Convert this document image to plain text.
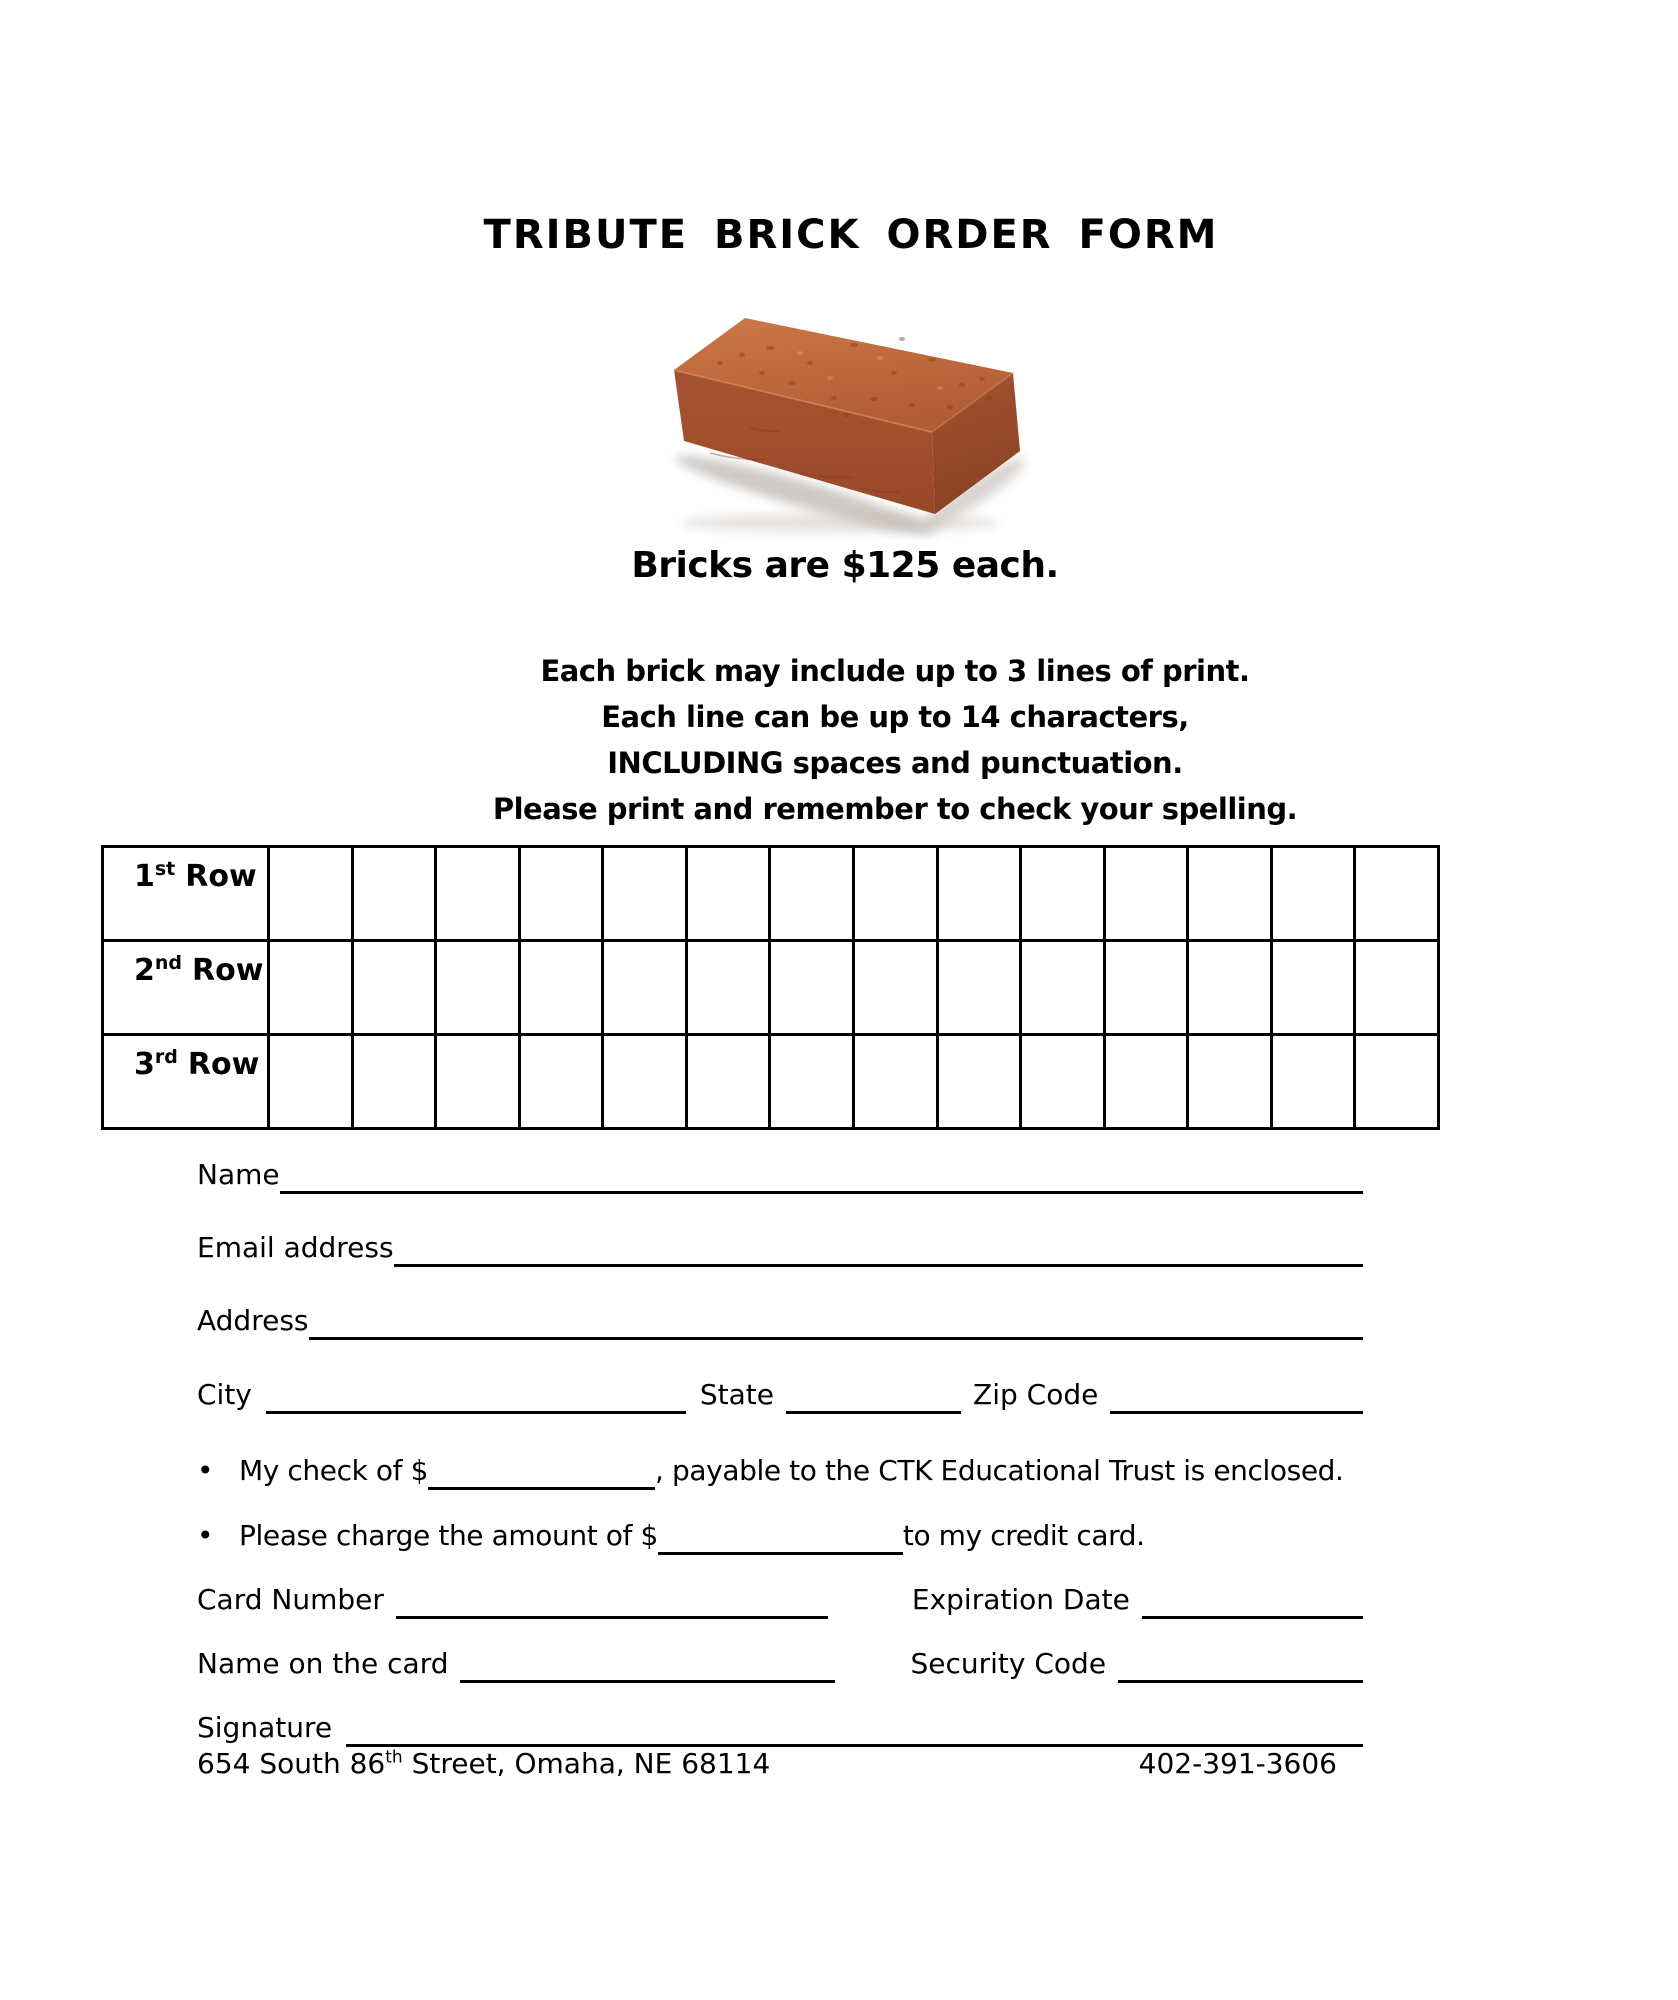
TRIBUTE BRICK ORDER FORM
Bricks are $125 each.
Each brick may include up to 3 lines of print.
Each line can be up to 14 characters,
INCLUDING spaces and punctuation.
Please print and remember to check your spelling.
1st Row														
2nd Row														
3rd Row														
Name
Email address
Address
City	State	Zip Code
• My check of $	, payable to the CTK Educational Trust is enclosed.
• Please charge the amount of $	to my credit card.
Card Number	Expiration Date
Name on the card	Security Code
Signature
654 South 86th Street, Omaha, NE 68114	402-391-3606
